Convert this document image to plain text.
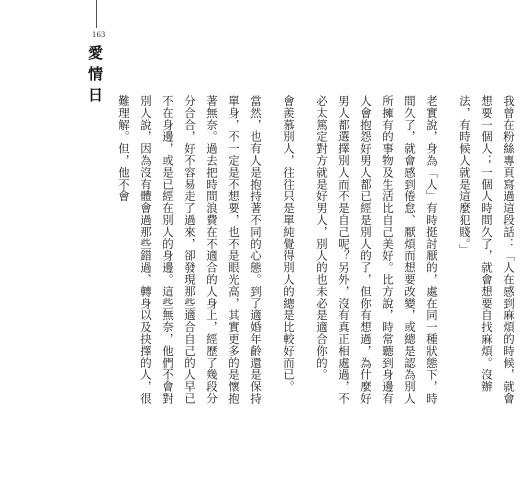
163
愛情日

我曾在粉絲專頁寫過這段話：「人在感到麻煩的時候，就會想要一個人；一個人時間久了，就會想要自找麻煩。沒辦法，有時候人就是這麼犯賤。」

老實說，身為「人」有時挺討厭的，處在同一種狀態下，時間久了，就會感到倦怠、厭煩而想要改變，或總是認為別人所擁有的事物及生活比自己美好。比方說，時常聽到身邊有人會抱怨好男人都已經是別人的了，但你有想過，為什麼好男人都選擇別人而不是自己呢？另外，沒有真正相處過，不必太篤定對方就是好男人，別人的也未必是適合你的。

會羨慕別人，往往只是單純覺得別人的總是比較好而已。

當然，也有人是抱持著不同的心態。到了適婚年齡還是保持單身，不一定是不想要，也不是眼光高，其實更多的是懷抱著無奈。過去把時間浪費在不適合的人身上，經歷了幾段分分合合，好不容易走了過來，卻發現那些適合自己的人早已不在身邊，或是已經在別人的身邊。這些無奈，他們不會對別人說，因為沒有體會過那些錯過、轉身以及抉擇的人，很難理解。但，他不會
